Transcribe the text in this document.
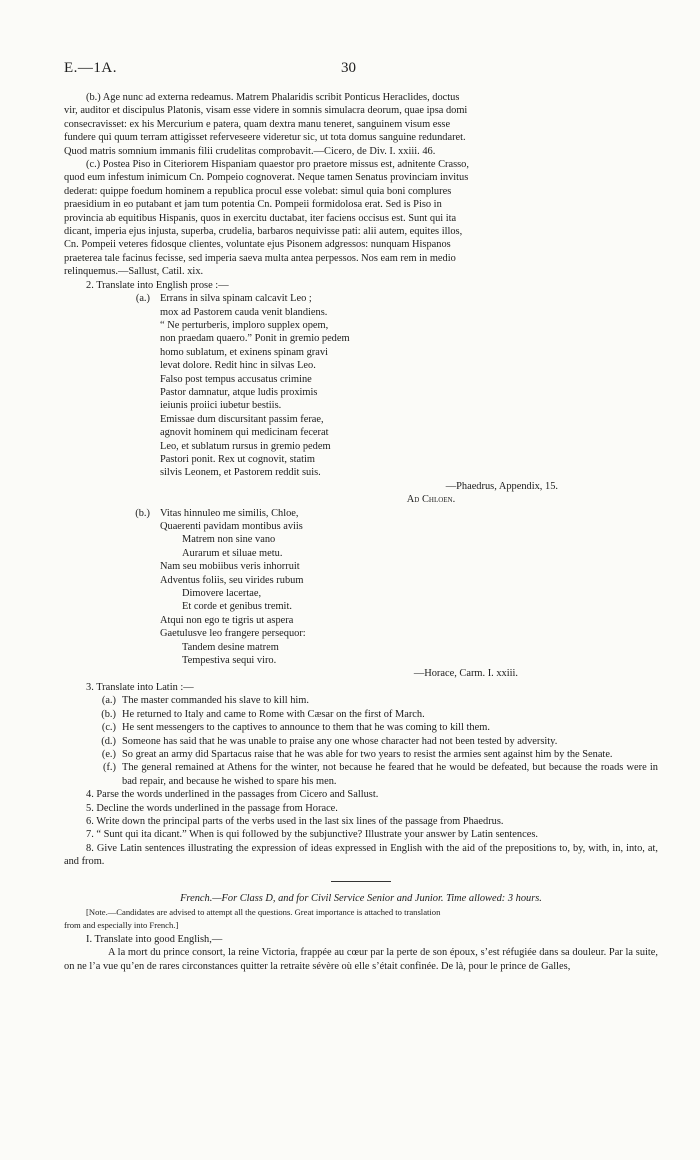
E.—1A.	30

(b.) Age nunc ad externa redeamus. Matrem Phalaridis scribit Ponticus Heraclides, doctus

vir, auditor et discipulus Platonis, visam esse videre in somnis simulacra deorum, quae ipsa domi

consecravisset: ex his Mercurium e patera, quam dextra manu teneret, sanguinem visum esse

fundere qui quum terram attigisset referveseere videretur sic, ut tota domus sanguine redundaret.

Quod matris somnium immanis filii crudelitas comprobavit.—Cicero, de Div. I. xxiii. 46.

(c.) Postea Piso in Citeriorem Hispaniam quaestor pro praetore missus est, adnitente Crasso,

quod eum infestum inimicum Cn. Pompeio cognoverat. Neque tamen Senatus provinciam invitus

dederat: quippe foedum hominem a republica procul esse volebat: simul quia boni complures

praesidium in eo putabant et jam tum potentia Cn. Pompeii formidolosa erat. Sed is Piso in

provincia ab equitibus Hispanis, quos in exercitu ductabat, iter faciens occisus est. Sunt qui ita

dicant, imperia ejus injusta, superba, crudelia, barbaros nequivisse pati: alii autem, equites illos,

Cn. Pompeii veteres fidosque clientes, voluntate ejus Pisonem adgressos: nunquam Hispanos

praeterea tale facinus fecisse, sed imperia saeva multa antea perpessos. Nos eam rem in medio

relinquemus.—Sallust, Catil. xix.

2. Translate into English prose :—

(a.) Errans in silva spinam calcavit Leo ;
mox ad Pastorem cauda venit blandiens.
“ Ne perturberis, imploro supplex opem,
non praedam quaero.” Ponit in gremio pedem
homo sublatum, et exinens spinam gravi
levat dolore. Redit hinc in silvas Leo.
Falso post tempus accusatus crimine
Pastor damnatur, atque ludis proximis
ieiunis proiici iubetur bestiis.
Emissae dum discursitant passim ferae,
agnovit hominem qui medicinam fecerat
Leo, et sublatum rursus in gremio pedem
Pastori ponit. Rex ut cognovit, statim
silvis Leonem, et Pastorem reddit suis.

—Phaedrus, Appendix, 15.

Ad Chloen.

(b.) Vitas hinnuleo me similis, Chloe,
Quaerenti pavidam montibus aviis
Matrem non sine vano
Aurarum et siluae metu.
Nam seu mobiibus veris inhorruit
Adventus foliis, seu virides rubum
Dimovere lacertae,
Et corde et genibus tremit.
Atqui non ego te tigris ut aspera
Gaetulusve leo frangere persequor:
Tandem desine matrem
Tempestiva sequi viro.

—Horace, Carm. I. xxiii.

3. Translate into Latin :—

(a.) The master commanded his slave to kill him.
(b.) He returned to Italy and came to Rome with Cæsar on the first of March.
(c.) He sent messengers to the captives to announce to them that he was coming to kill them.
(d.) Someone has said that he was unable to praise any one whose character had not been tested by adversity.
(e.) So great an army did Spartacus raise that he was able for two years to resist the armies sent against him by the Senate.
(f.) The general remained at Athens for the winter, not because he feared that he would be defeated, but because the roads were in bad repair, and because he wished to spare his men.

4. Parse the words underlined in the passages from Cicero and Sallust.

5. Decline the words underlined in the passage from Horace.

6. Write down the principal parts of the verbs used in the last six lines of the passage from Phaedrus.

7. “ Sunt qui ita dicant.” When is qui followed by the subjunctive? Illustrate your answer by Latin sentences.

8. Give Latin sentences illustrating the expression of ideas expressed in English with the aid of the prepositions to, by, with, in, into, at, and from.

French.—For Class D, and for Civil Service Senior and Junior. Time allowed: 3 hours.

[Note.—Candidates are advised to attempt all the questions. Great importance is attached to translation

from and especially into French.]

I. Translate into good English,—

A la mort du prince consort, la reine Victoria, frappée au cœur par la perte de son époux, s’est réfugiée dans sa douleur. Par la suite, on ne l’a vue qu’en de rares circonstances quitter la retraite sévère où elle s’était confinée. De là, pour le prince de Galles,
